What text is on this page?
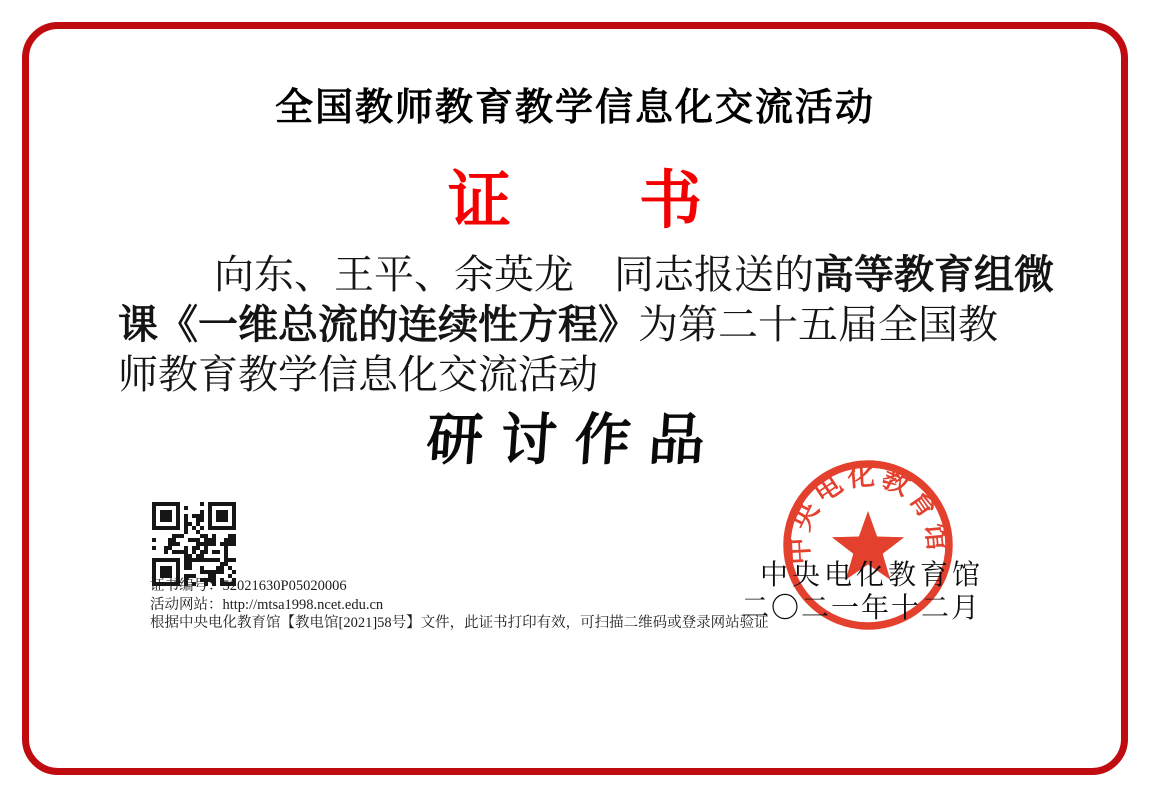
全国教师教育教学信息化交流活动
证 书
向东、王平、余英龙　同志报送的高等教育组微
课《一维总流的连续性方程》为第二十五届全国教
师教育教学信息化交流活动
研讨作品
证书编号：52021630P05020006
活动网站：http://mtsa1998.ncet.edu.cn
根据中央电化教育馆【教电馆[2021]58号】文件，此证书打印有效，可扫描二维码或登录网站验证
中央电化教育馆
中央电化教育馆
二〇二一年十二月
